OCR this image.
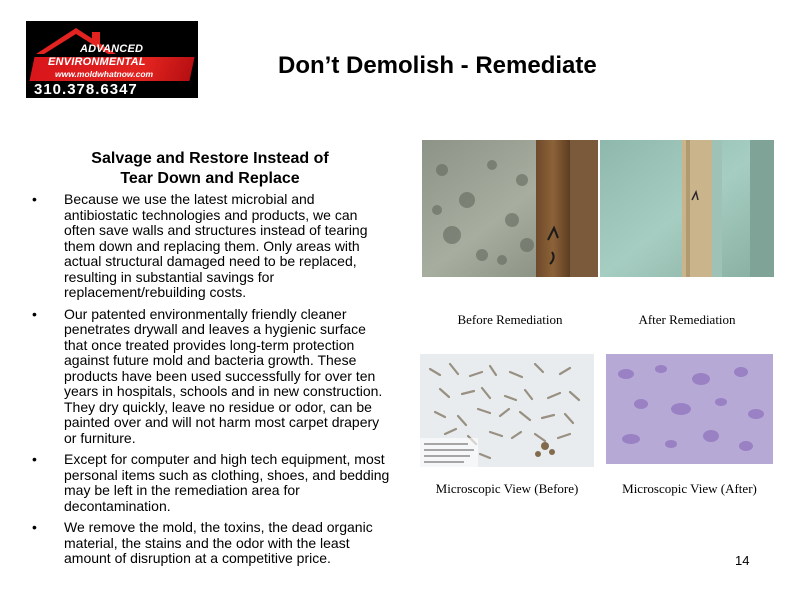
ADVANCED
ENVIRONMENTAL
www.moldwhatnow.com
310.378.6347
Don’t Demolish - Remediate
Salvage and Restore Instead of
Tear Down and Replace
• Because we use the latest microbial and antibiostatic technologies and products, we can often save walls and structures instead of tearing them down and replacing them. Only areas with actual structural damaged need to be replaced, resulting in substantial savings for replacement/rebuilding costs.
• Our patented environmentally friendly cleaner penetrates drywall and leaves a hygienic surface that once treated provides long-term protection against future mold and bacteria growth. These products have been used successfully for over ten years in hospitals, schools and in new construction. They dry quickly, leave no residue or odor, can be painted over and will not harm most carpet drapery or furniture.
• Except for computer and high tech equipment, most personal items such as clothing, shoes, and bedding may be left in the remediation area for decontamination.
• We remove the mold, the toxins, the dead organic material, the stains and the odor with the least amount of disruption at a competitive price.
Before Remediation	After Remediation
Microscopic View (Before)	Microscopic View (After)
14
